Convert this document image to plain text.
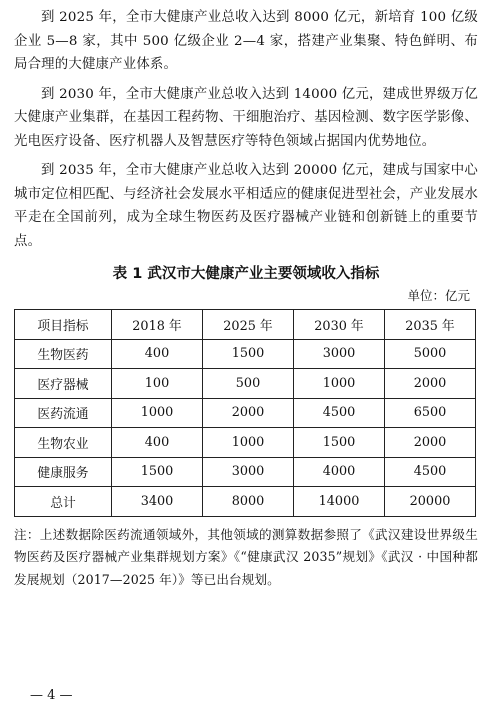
到 2025 年，全市大健康产业总收入达到 8000 亿元，新培育 100 亿级企业 5—8 家，其中 500 亿级企业 2—4 家，搭建产业集聚、特色鲜明、布局合理的大健康产业体系。

到 2030 年，全市大健康产业总收入达到 14000 亿元，建成世界级万亿大健康产业集群，在基因工程药物、干细胞治疗、基因检测、数字医学影像、光电医疗设备、医疗机器人及智慧医疗等特色领域占据国内优势地位。

到 2035 年，全市大健康产业总收入达到 20000 亿元，建成与国家中心城市定位相匹配、与经济社会发展水平相适应的健康促进型社会，产业发展水平走在全国前列，成为全球生物医药及医疗器械产业链和创新链上的重要节点。

表 1 武汉市大健康产业主要领域收入指标
单位：亿元
项目指标	2018 年	2025 年	2030 年	2035 年
生物医药	400	1500	3000	5000
医疗器械	100	500	1000	2000
医药流通	1000	2000	4500	6500
生物农业	400	1000	1500	2000
健康服务	1500	3000	4000	4500
总计	3400	8000	14000	20000

注：上述数据除医药流通领域外，其他领域的测算数据参照了《武汉建设世界级生物医药及医疗器械产业集群规划方案》《“健康武汉 2035”规划》《武汉 · 中国种都发展规划（2017—2025 年）》等已出台规划。

— 4 —
